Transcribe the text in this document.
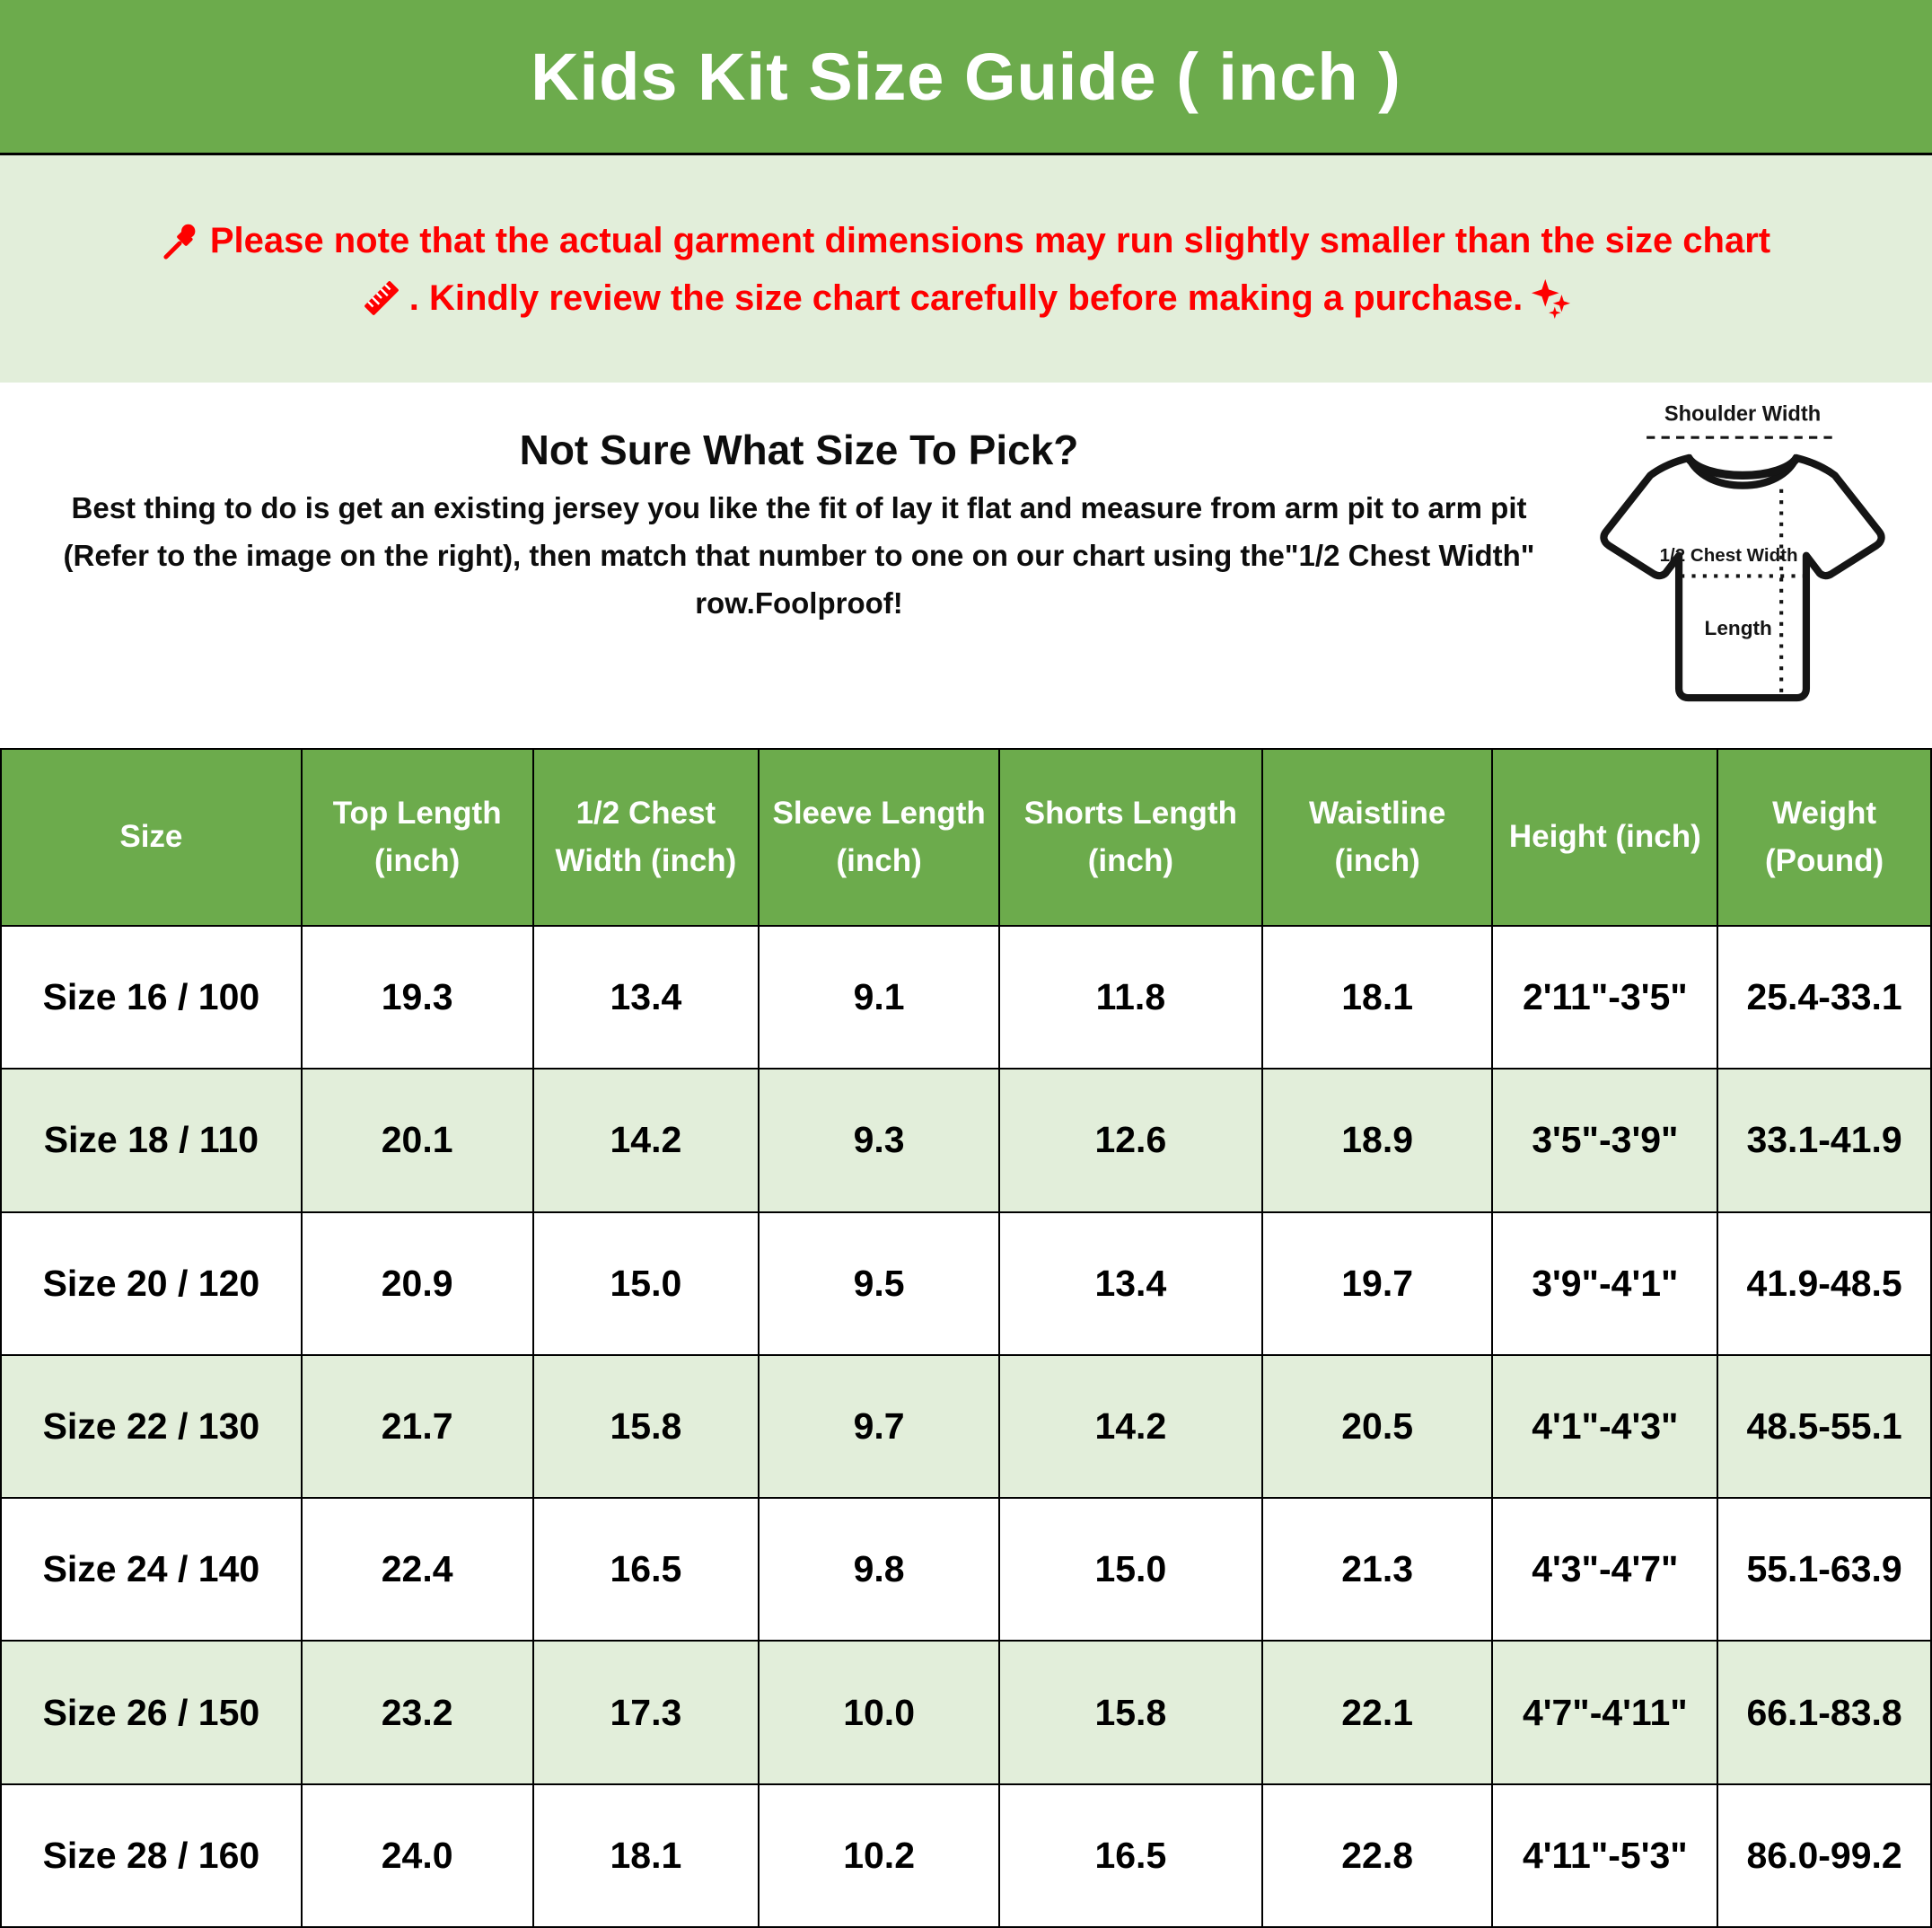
Kids Kit Size Guide ( inch )

Please note that the actual garment dimensions may run slightly smaller than the size chart

. Kindly review the size chart carefully before making a purchase.

Not Sure What Size To Pick?

Best thing to do is get an existing jersey you like the fit of lay it flat and measure from arm pit to arm pit (Refer to the image on the right), then match that number to one on our chart using the"1/2 Chest Width" row.Foolproof!

Shoulder Width
1/2 Chest Width
Length
Size	Top Length (inch)	1/2 Chest Width (inch)	Sleeve Length (inch)	Shorts Length (inch)	Waistline (inch)	Height (inch)	Weight (Pound)
Size 16 / 100	19.3	13.4	9.1	11.8	18.1	2'11"-3'5"	25.4-33.1
Size 18 / 110	20.1	14.2	9.3	12.6	18.9	3'5"-3'9"	33.1-41.9
Size 20 / 120	20.9	15.0	9.5	13.4	19.7	3'9"-4'1"	41.9-48.5
Size 22 / 130	21.7	15.8	9.7	14.2	20.5	4'1"-4'3"	48.5-55.1
Size 24 / 140	22.4	16.5	9.8	15.0	21.3	4'3"-4'7"	55.1-63.9
Size 26 / 150	23.2	17.3	10.0	15.8	22.1	4'7"-4'11"	66.1-83.8
Size 28 / 160	24.0	18.1	10.2	16.5	22.8	4'11"-5'3"	86.0-99.2
